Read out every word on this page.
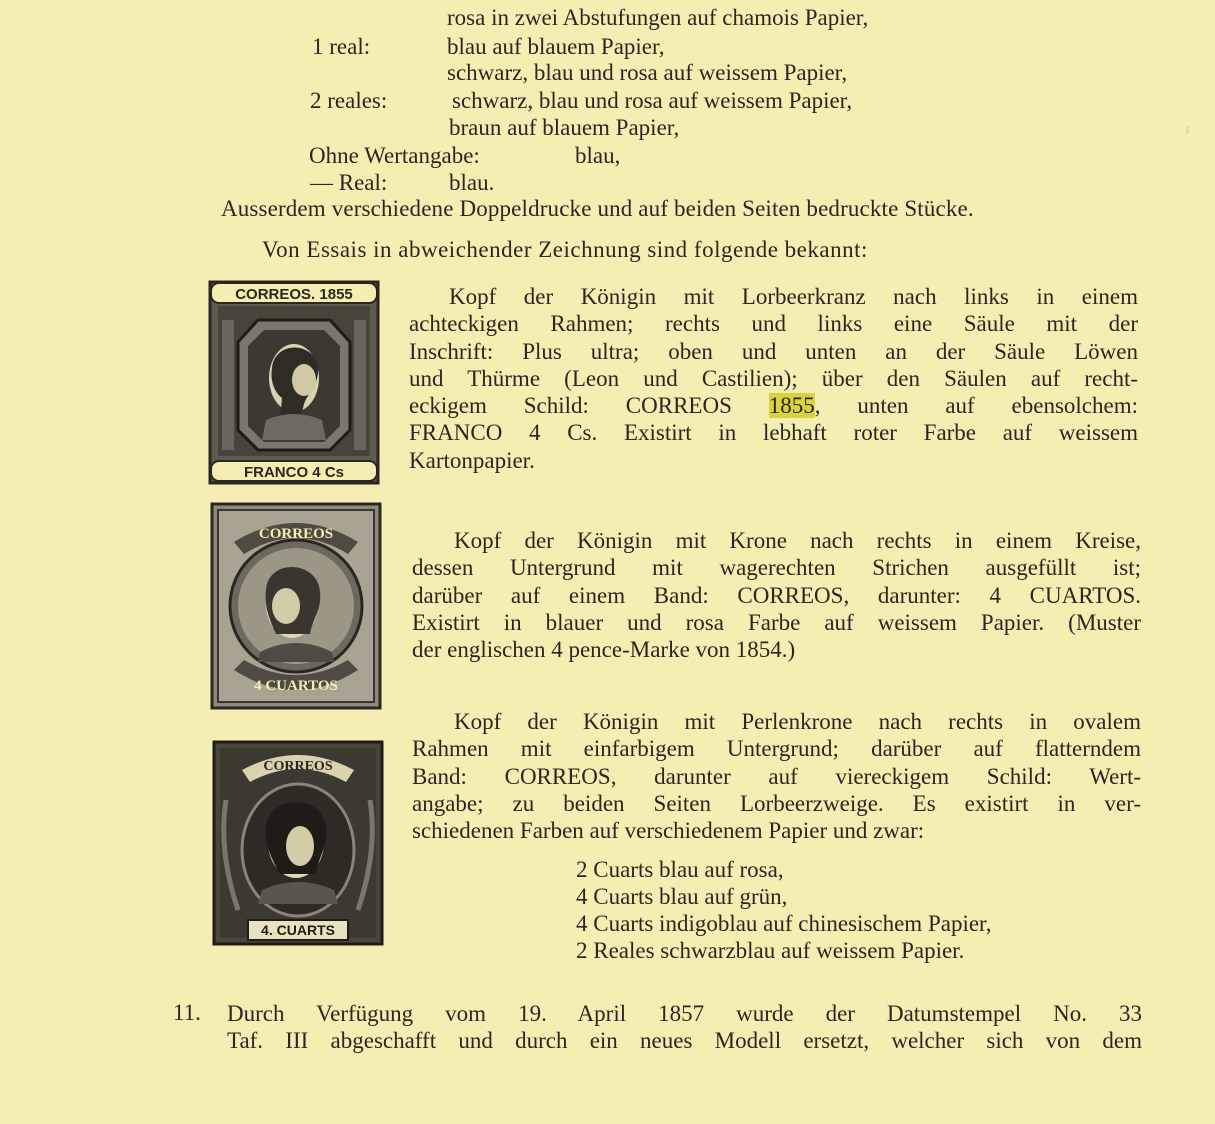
rosa in zwei Abstufungen auf chamois Papier,
1 real:	blau auf blauem Papier,
schwarz, blau und rosa auf weissem Papier,
2 reales:	schwarz, blau und rosa auf weissem Papier,
braun auf blauem Papier,
Ohne Wertangabe:	blau,
— Real:	blau.
Ausserdem verschiedene Doppeldrucke und auf beiden Seiten bedruckte Stücke.
Von Essais in abweichender Zeichnung sind folgende bekannt:
CORREOS. 1855
FRANCO 4 Cs
Kopf der Königin mit Lorbeerkranz nach links in einem
achteckigen Rahmen; rechts und links eine Säule mit der
Inschrift: Plus ultra; oben und unten an der Säule Löwen
und Thürme (Leon und Castilien); über den Säulen auf recht-
eckigem Schild: CORREOS 1855, unten auf ebensolchem:
FRANCO 4 Cs. Existirt in lebhaft roter Farbe auf weissem
Kartonpapier.
CORREOS
4 CUARTOS
Kopf der Königin mit Krone nach rechts in einem Kreise,
dessen Untergrund mit wagerechten Strichen ausgefüllt ist;
darüber auf einem Band: CORREOS, darunter: 4 CUARTOS.
Existirt in blauer und rosa Farbe auf weissem Papier. (Muster
der englischen 4 pence-Marke von 1854.)
CORREOS
4. CUARTS
Kopf der Königin mit Perlenkrone nach rechts in ovalem
Rahmen mit einfarbigem Untergrund; darüber auf flatterndem
Band: CORREOS, darunter auf viereckigem Schild: Wert-
angabe; zu beiden Seiten Lorbeerzweige. Es existirt in ver-
schiedenen Farben auf verschiedenem Papier und zwar:
2 Cuarts blau auf rosa,
4 Cuarts blau auf grün,
4 Cuarts indigoblau auf chinesischem Papier,
2 Reales schwarzblau auf weissem Papier.
11. Durch Verfügung vom 19. April 1857 wurde der Datumstempel No. 33
Taf. III abgeschafft und durch ein neues Modell ersetzt, welcher sich von dem
